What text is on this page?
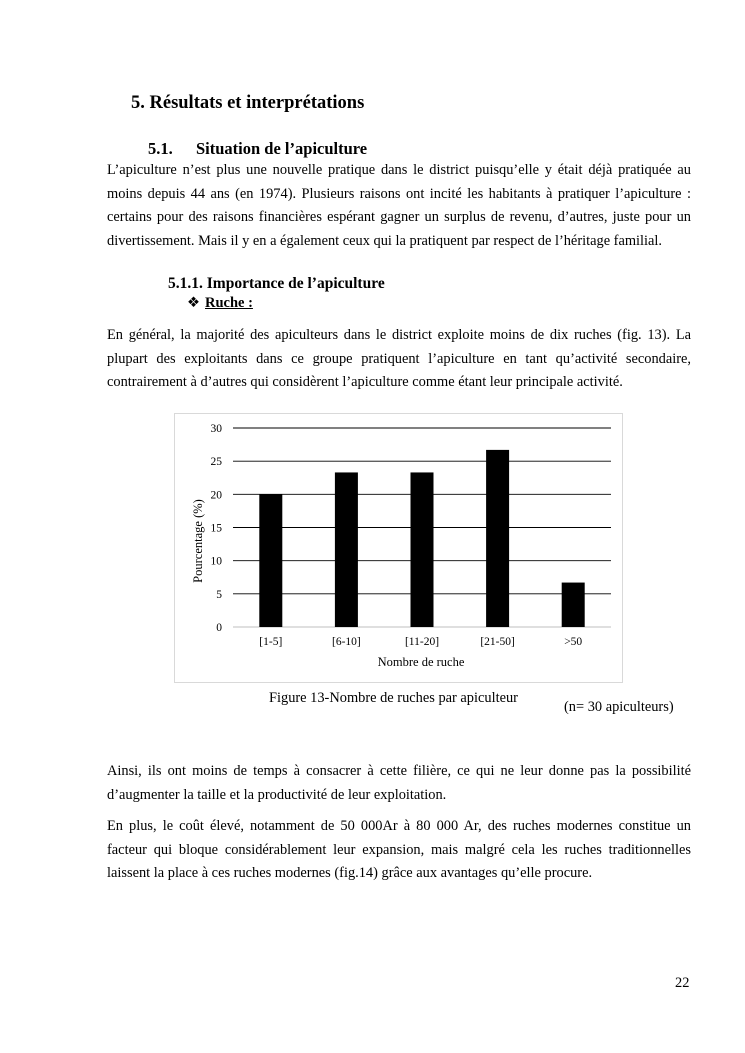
5. Résultats et interprétations
5.1. Situation de l’apiculture

L’apiculture n’est plus une nouvelle pratique dans le district puisqu’elle y était déjà pratiquée au
moins depuis 44 ans (en 1974). Plusieurs raisons ont incité les habitants à pratiquer l’apiculture :
certains pour des raisons financières espérant gagner un surplus de revenu, d’autres, juste pour un
divertissement. Mais il y en a également ceux qui la pratiquent par respect de l’héritage familial.

5.1.1. Importance de l’apiculture
❖ Ruche :

En général, la majorité des apiculteurs dans le district exploite moins de dix ruches (fig. 13). La
plupart des exploitants dans ce groupe pratiquent l’apiculture en tant qu’activité secondaire,
contrairement à d’autres qui considèrent l’apiculture comme étant leur principale activité.

0
5
10
15
20
25
30
[1-5]	[6-10]	[11-20]	[21-50]	>50
Pourcentage (%)
Nombre de ruche
Figure 13-Nombre de ruches par apiculteur
(n= 30 apiculteurs)

Ainsi, ils ont moins de temps à consacrer à cette filière, ce qui ne leur donne pas la possibilité
d’augmenter la taille et la productivité de leur exploitation.

En plus, le coût élevé, notamment de 50 000Ar à 80 000 Ar, des ruches modernes constitue un
facteur qui bloque considérablement leur expansion, mais malgré cela les ruches traditionnelles
laissent la place à ces ruches modernes (fig.14) grâce aux avantages qu’elle procure.

22
